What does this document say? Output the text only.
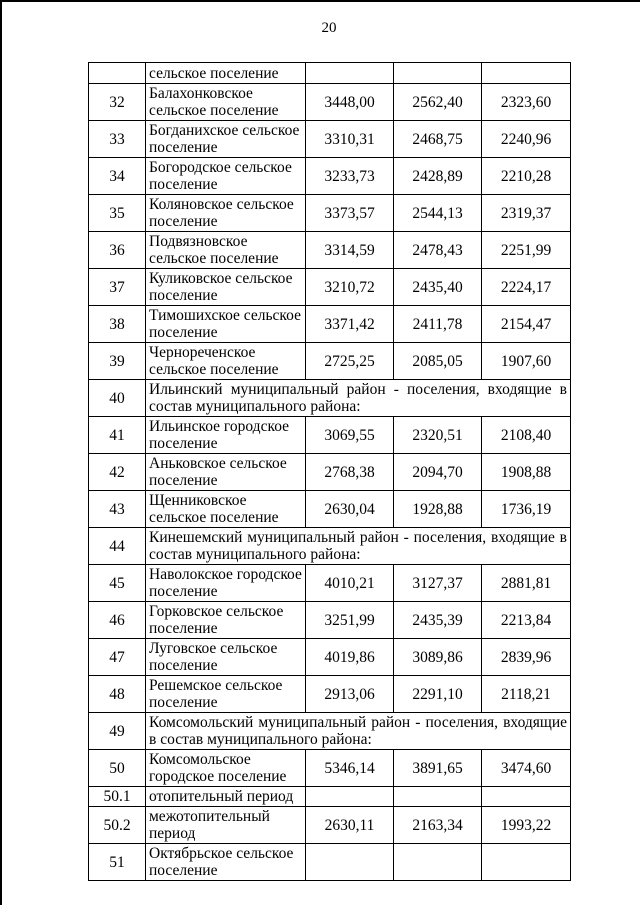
20
	сельское поселение			
32	Балахонковское сельское поселение	3448,00	2562,40	2323,60
33	Богданихское сельское поселение	3310,31	2468,75	2240,96
34	Богородское сельское поселение	3233,73	2428,89	2210,28
35	Коляновское сельское поселение	3373,57	2544,13	2319,37
36	Подвязновское сельское поселение	3314,59	2478,43	2251,99
37	Куликовское сельское поселение	3210,72	2435,40	2224,17
38	Тимошихское сельское поселение	3371,42	2411,78	2154,47
39	Чернореченское сельское поселение	2725,25	2085,05	1907,60
40	Ильинский муниципальный район - поселения, входящие в состав муниципального района:			
41	Ильинское городское поселение	3069,55	2320,51	2108,40
42	Аньковское сельское поселение	2768,38	2094,70	1908,88
43	Щенниковское сельское поселение	2630,04	1928,88	1736,19
44	Кинешемский муниципальный район - поселения, входящие в состав муниципального района:			
45	Наволокское городское поселение	4010,21	3127,37	2881,81
46	Горковское сельское поселение	3251,99	2435,39	2213,84
47	Луговское сельское поселение	4019,86	3089,86	2839,96
48	Решемское сельское поселение	2913,06	2291,10	2118,21
49	Комсомольский муниципальный район - поселения, входящие в состав муниципального района:			
50	Комсомольское городское поселение	5346,14	3891,65	3474,60
50.1	отопительный период			
50.2	межотопительный период	2630,11	2163,34	1993,22
51	Октябрьское сельское поселение			
